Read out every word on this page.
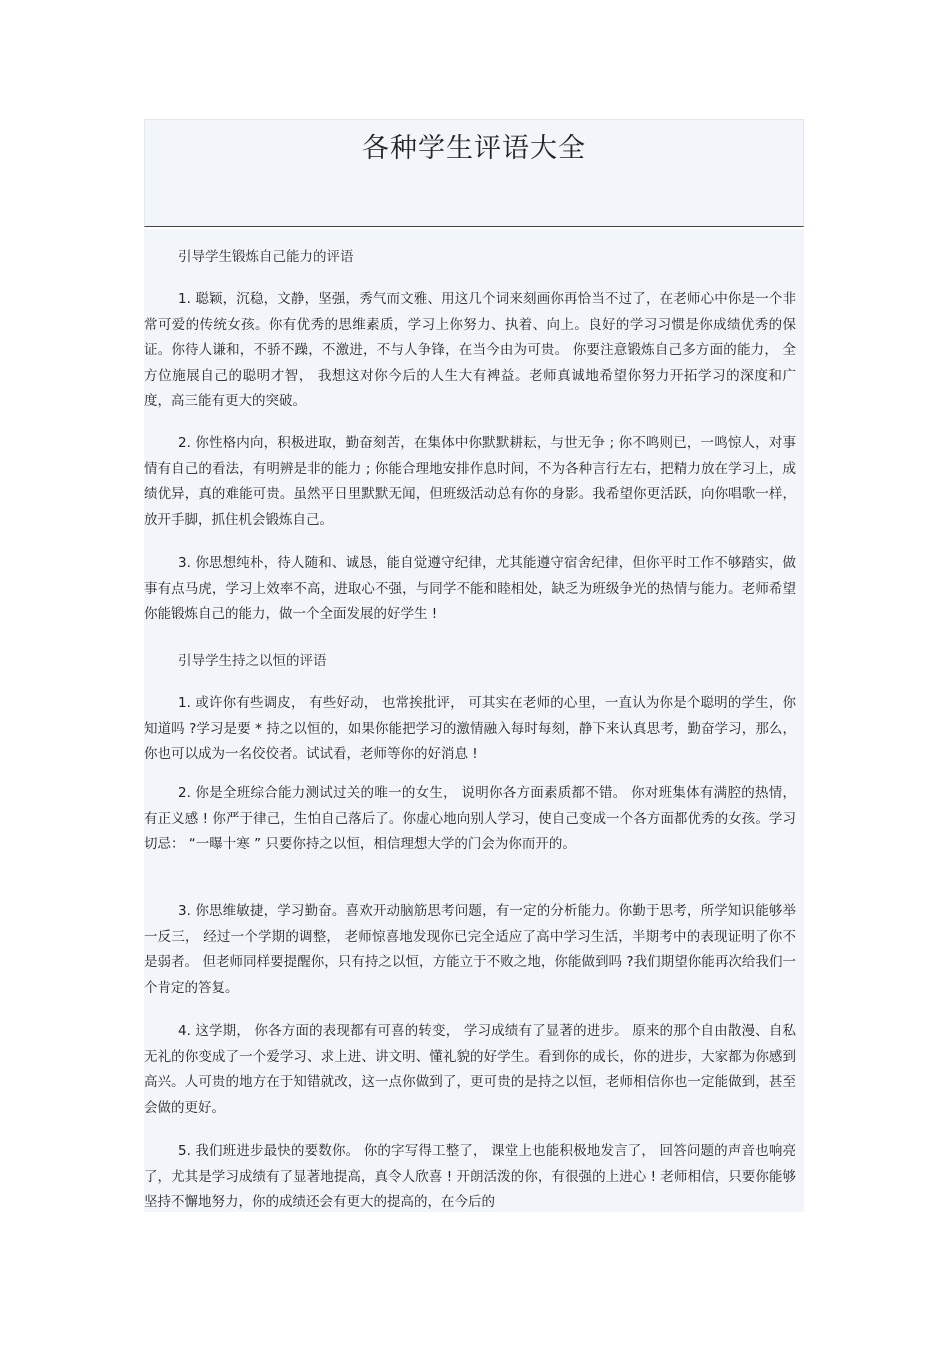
各种学生评语大全
引导学生锻炼自己能力的评语
1. 聪颖，沉稳，文静，坚强，秀气而文雅、用这几个词来刻画你再恰当不过了，在老师心中你是一个非常可爱的传统女孩。你有优秀的思维素质，学习上你努力、执着、向上。良好的学习习惯是你成绩优秀的保证。你待人谦和，不骄不躁，不激进，不与人争锋，在当今由为可贵。 你要注意锻炼自己多方面的能力， 全方位施展自己的聪明才智， 我想这对你今后的人生大有裨益。老师真诚地希望你努力开拓学习的深度和广度，高三能有更大的突破。
2. 你性格内向，积极进取，勤奋刻苦，在集体中你默默耕耘，与世无争 ; 你不鸣则已，一鸣惊人，对事情有自己的看法，有明辨是非的能力 ; 你能合理地安排作息时间，不为各种言行左右，把精力放在学习上，成绩优异，真的难能可贵。虽然平日里默默无闻，但班级活动总有你的身影。我希望你更活跃，向你唱歌一样，放开手脚，抓住机会锻炼自己。
3. 你思想纯朴，待人随和、诚恳，能自觉遵守纪律，尤其能遵守宿舍纪律，但你平时工作不够踏实，做事有点马虎，学习上效率不高，进取心不强，与同学不能和睦相处，缺乏为班级争光的热情与能力。老师希望你能锻炼自己的能力，做一个全面发展的好学生 !
引导学生持之以恒的评语
1. 或许你有些调皮， 有些好动， 也常挨批评， 可其实在老师的心里，一直认为你是个聪明的学生，你知道吗 ?学习是要 * 持之以恒的，如果你能把学习的激情融入每时每刻，静下来认真思考，勤奋学习，那么，你也可以成为一名佼佼者。试试看，老师等你的好消息 !
2. 你是全班综合能力测试过关的唯一的女生， 说明你各方面素质都不错。 你对班集体有满腔的热情，有正义感 ! 你严于律己，生怕自己落后了。你虚心地向别人学习，使自己变成一个各方面都优秀的女孩。学习切忌： “一曝十寒 ” 只要你持之以恒，相信理想大学的门会为你而开的。
3. 你思维敏捷，学习勤奋。喜欢开动脑筋思考问题，有一定的分析能力。你勤于思考，所学知识能够举一反三， 经过一个学期的调整， 老师惊喜地发现你已完全适应了高中学习生活，半期考中的表现证明了你不是弱者。 但老师同样要提醒你，只有持之以恒，方能立于不败之地，你能做到吗 ?我们期望你能再次给我们一个肯定的答复。
4. 这学期， 你各方面的表现都有可喜的转变， 学习成绩有了显著的进步。 原来的那个自由散漫、自私无礼的你变成了一个爱学习、求上进、讲文明、懂礼貌的好学生。看到你的成长，你的进步，大家都为你感到高兴。人可贵的地方在于知错就改，这一点你做到了，更可贵的是持之以恒，老师相信你也一定能做到，甚至会做的更好。
5. 我们班进步最快的要数你。 你的字写得工整了， 课堂上也能积极地发言了， 回答问题的声音也响亮了，尤其是学习成绩有了显著地提高，真令人欣喜 ! 开朗活泼的你，有很强的上进心 ! 老师相信，只要你能够坚持不懈地努力，你的成绩还会有更大的提高的，在今后的
